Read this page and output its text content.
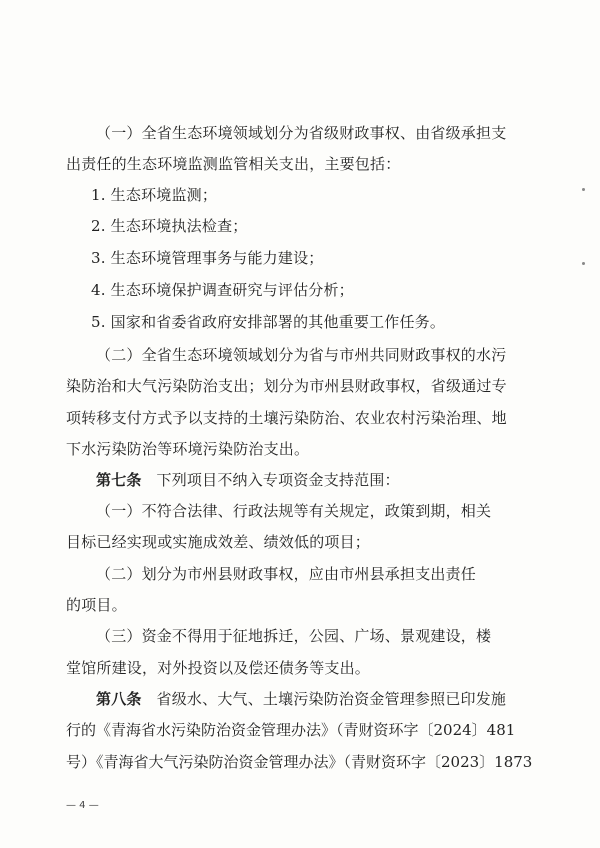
（一）全省生态环境领域划分为省级财政事权、由省级承担支
出责任的生态环境监测监管相关支出，主要包括：
1. 生态环境监测；
2. 生态环境执法检查；
3. 生态环境管理事务与能力建设；
4. 生态环境保护调查研究与评估分析；
5. 国家和省委省政府安排部署的其他重要工作任务。
（二）全省生态环境领域划分为省与市州共同财政事权的水污
染防治和大气污染防治支出；划分为市州县财政事权，省级通过专
项转移支付方式予以支持的土壤污染防治、农业农村污染治理、地
下水污染防治等环境污染防治支出。
第七条 下列项目不纳入专项资金支持范围：
（一）不符合法律、行政法规等有关规定，政策到期，相关
目标已经实现或实施成效差、绩效低的项目；
（二）划分为市州县财政事权，应由市州县承担支出责任
的项目。
（三）资金不得用于征地拆迁，公园、广场、景观建设，楼
堂馆所建设，对外投资以及偿还债务等支出。
第八条 省级水、大气、土壤污染防治资金管理参照已印发施
行的《青海省水污染防治资金管理办法》（青财资环字〔2024〕481
号）《青海省大气污染防治资金管理办法》（青财资环字〔2023〕1873
— 4 —
